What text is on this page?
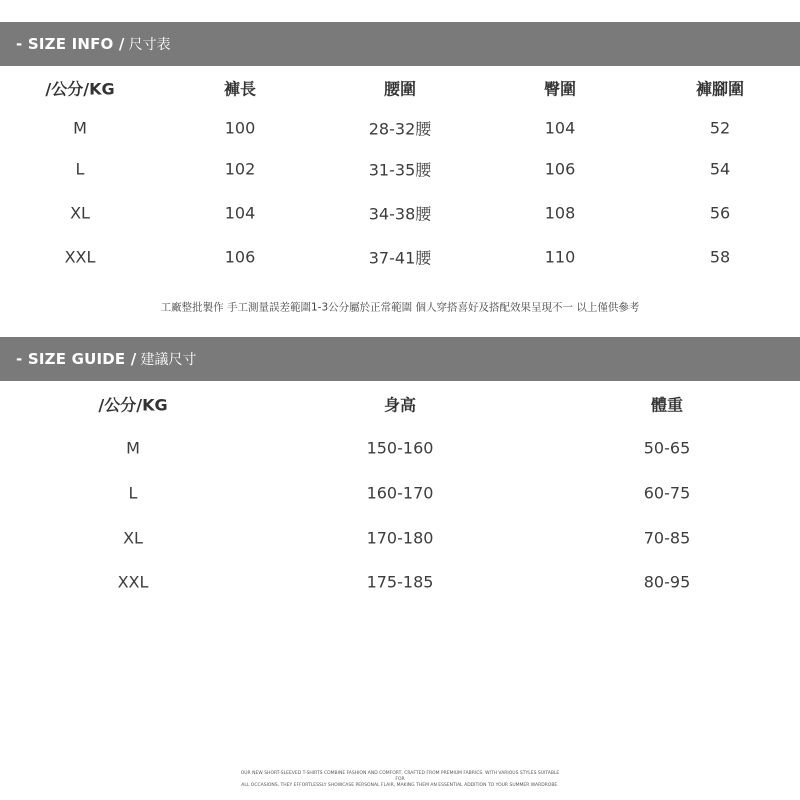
- SIZE INFO / 尺寸表
/公分/KG	褲長	腰圍	臀圍	褲腳圍
M	100	28-32腰	104	52
L	102	31-35腰	106	54
XL	104	34-38腰	108	56
XXL	106	37-41腰	110	58
工廠整批製作 手工測量誤差範圍1-3公分屬於正常範圍 個人穿搭喜好及搭配效果呈現不一 以上僅供參考
- SIZE GUIDE / 建議尺寸
/公分/KG	身高	體重
M	150-160	50-65
L	160-170	60-75
XL	170-180	70-85
XXL	175-185	80-95
OUR NEW SHORT-SLEEVED T-SHIRTS COMBINE FASHION AND COMFORT, CRAFTED FROM PREMIUM FABRICS. WITH VARIOUS STYLES SUITABLE FOR
ALL OCCASIONS, THEY EFFORTLESSLY SHOWCASE PERSONAL FLAIR, MAKING THEM AN ESSENTIAL ADDITION TO YOUR SUMMER WARDROBE.
